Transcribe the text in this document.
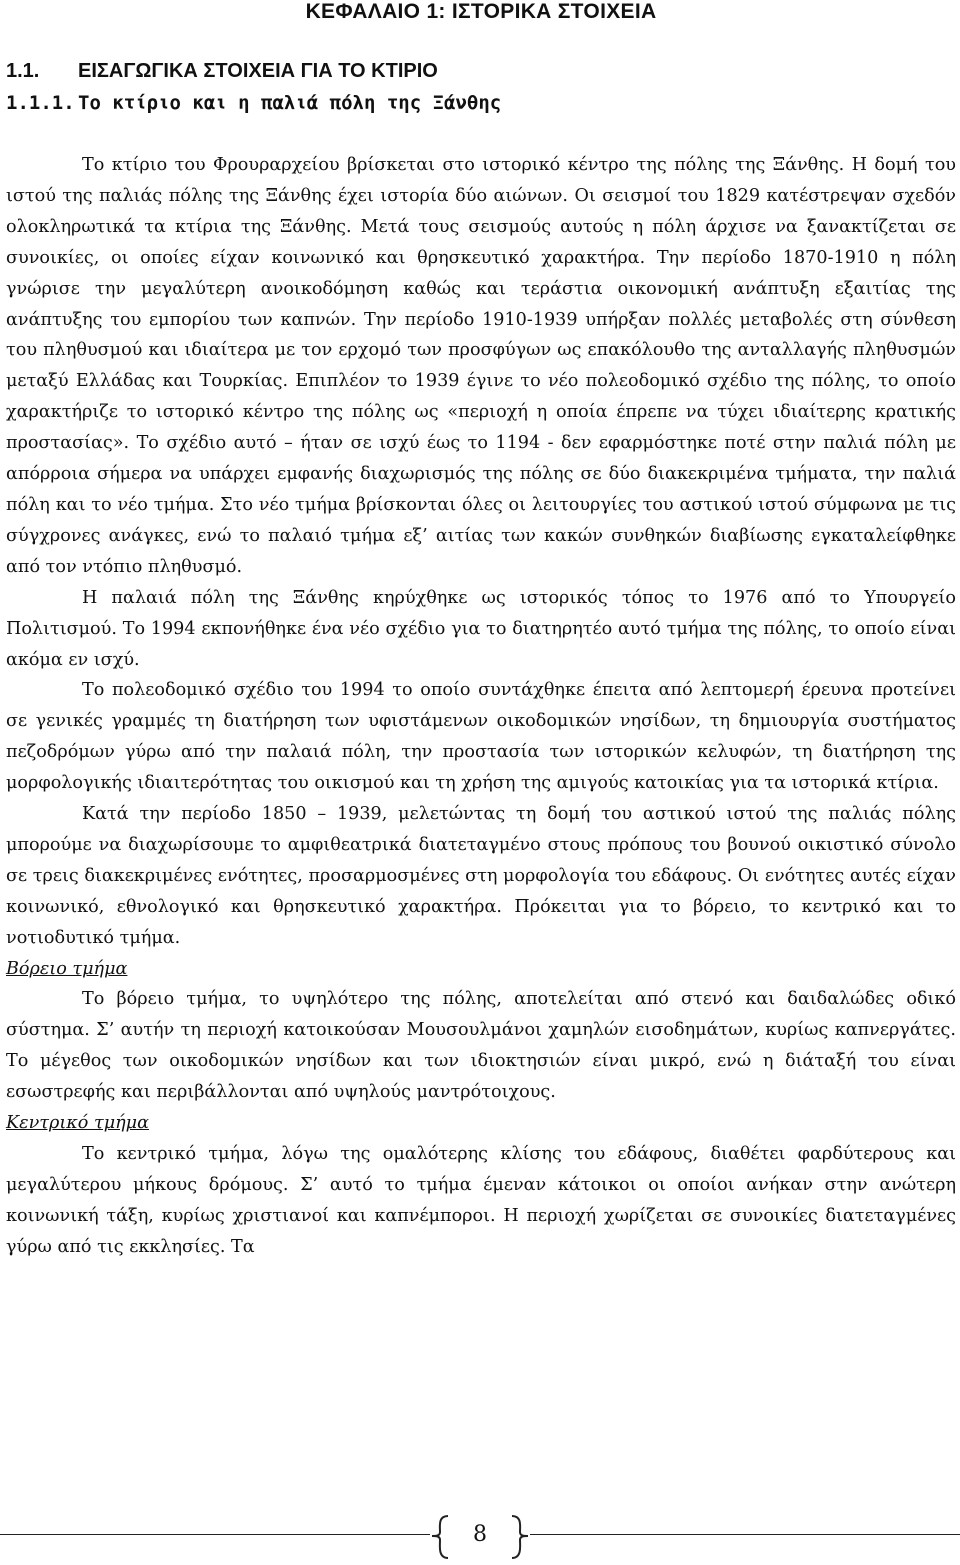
ΚΕΦΑΛΑΙΟ 1: ΙΣΤΟΡΙΚΑ ΣΤΟΙΧΕΙΑ
1.1. ΕΙΣΑΓΩΓΙΚΑ ΣΤΟΙΧΕΙΑ ΓΙΑ ΤΟ ΚΤΙΡΙΟ
1.1.1. Το κτίριο και η παλιά πόλη της Ξάνθης

Το κτίριο του Φρουραρχείου βρίσκεται στο ιστορικό κέντρο της πόλης της Ξάνθης. Η δομή του ιστού της παλιάς πόλης της Ξάνθης έχει ιστορία δύο αιώνων. Οι σεισμοί του 1829 κατέστρεψαν σχεδόν ολοκληρωτικά τα κτίρια της Ξάνθης. Μετά τους σεισμούς αυτούς η πόλη άρχισε να ξανακτίζεται σε συνοικίες, οι οποίες είχαν κοινωνικό και θρησκευτικό χαρακτήρα. Την περίοδο 1870-1910 η πόλη γνώρισε την μεγαλύτερη ανοικοδόμηση καθώς και τεράστια οικονομική ανάπτυξη εξαιτίας της ανάπτυξης του εμπορίου των καπνών. Την περίοδο 1910-1939 υπήρξαν πολλές μεταβολές στη σύνθεση του πληθυσμού και ιδιαίτερα με τον ερχομό των προσφύγων ως επακόλουθο της ανταλλαγής πληθυσμών μεταξύ Ελλάδας και Τουρκίας. Επιπλέον το 1939 έγινε το νέο πολεοδομικό σχέδιο της πόλης, το οποίο χαρακτήριζε το ιστορικό κέντρο της πόλης ως «περιοχή η οποία έπρεπε να τύχει ιδιαίτερης κρατικής προστασίας». Το σχέδιο αυτό – ήταν σε ισχύ έως το 1194 - δεν εφαρμόστηκε ποτέ στην παλιά πόλη με απόρροια σήμερα να υπάρχει εμφανής διαχωρισμός της πόλης σε δύο διακεκριμένα τμήματα, την παλιά πόλη και το νέο τμήμα. Στο νέο τμήμα βρίσκονται όλες οι λειτουργίες του αστικού ιστού σύμφωνα με τις σύγχρονες ανάγκες, ενώ το παλαιό τμήμα εξ’ αιτίας των κακών συνθηκών διαβίωσης εγκαταλείφθηκε από τον ντόπιο πληθυσμό.

Η παλαιά πόλη της Ξάνθης κηρύχθηκε ως ιστορικός τόπος το 1976 από το Υπουργείο Πολιτισμού. Το 1994 εκπονήθηκε ένα νέο σχέδιο για το διατηρητέο αυτό τμήμα της πόλης, το οποίο είναι ακόμα εν ισχύ.

Το πολεοδομικό σχέδιο του 1994 το οποίο συντάχθηκε έπειτα από λεπτομερή έρευνα προτείνει σε γενικές γραμμές τη διατήρηση των υφιστάμενων οικοδομικών νησίδων, τη δημιουργία συστήματος πεζοδρόμων γύρω από την παλαιά πόλη, την προστασία των ιστορικών κελυφών, τη διατήρηση της μορφολογικής ιδιαιτερότητας του οικισμού και τη χρήση της αμιγούς κατοικίας για τα ιστορικά κτίρια.

Κατά την περίοδο 1850 – 1939, μελετώντας τη δομή του αστικού ιστού της παλιάς πόλης μπορούμε να διαχωρίσουμε το αμφιθεατρικά διατεταγμένο στους πρόπους του βουνού οικιστικό σύνολο σε τρεις διακεκριμένες ενότητες, προσαρμοσμένες στη μορφολογία του εδάφους. Οι ενότητες αυτές είχαν κοινωνικό, εθνολογικό και θρησκευτικό χαρακτήρα. Πρόκειται για το βόρειο, το κεντρικό και το νοτιοδυτικό τμήμα.

Βόρειο τμήμα

Το βόρειο τμήμα, το υψηλότερο της πόλης, αποτελείται από στενό και δαιδαλώδες οδικό σύστημα. Σ’ αυτήν τη περιοχή κατοικούσαν Μουσουλμάνοι χαμηλών εισοδημάτων, κυρίως καπνεργάτες. Το μέγεθος των οικοδομικών νησίδων και των ιδιοκτησιών είναι μικρό, ενώ η διάταξή του είναι εσωστρεφής και περιβάλλονται από υψηλούς μαντρότοιχους.

Κεντρικό τμήμα

Το κεντρικό τμήμα, λόγω της ομαλότερης κλίσης του εδάφους, διαθέτει φαρδύτερους και μεγαλύτερου μήκους δρόμους. Σ’ αυτό το τμήμα έμεναν κάτοικοι οι οποίοι ανήκαν στην ανώτερη κοινωνική τάξη, κυρίως χριστιανοί και καπνέμποροι. Η περιοχή χωρίζεται σε συνοικίες διατεταγμένες γύρω από τις εκκλησίες. Τα

8
